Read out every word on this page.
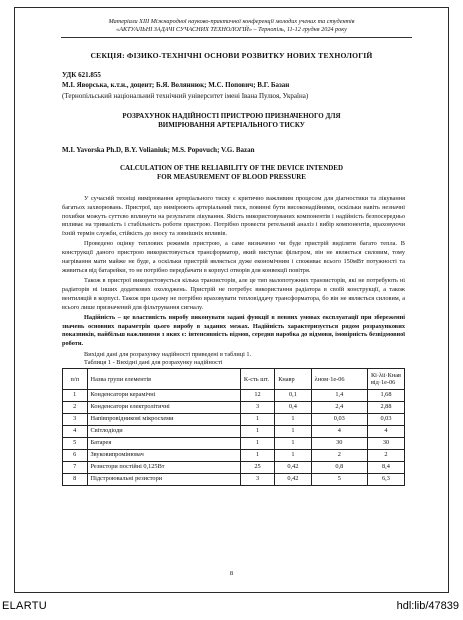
Матеріали XIII Міжнародної науково-практичної конференції молодих учених та студентів
«АКТУАЛЬНІ ЗАДАЧІ СУЧАСНИХ ТЕХНОЛОГІЙ» – Тернопіль, 11-12 грудня 2024 року
СЕКЦІЯ: ФІЗИКО-ТЕХНІЧНІ ОСНОВИ РОЗВИТКУ НОВИХ ТЕХНОЛОГІЙ
УДК 621.855
М.І. Яворська, к.т.н., доцент; Б.Я. Воляннюк; М.С. Попович; В.Г. Базан
(Тернопільський національний технічний університет імені Івана Пулюя, Україна)
РОЗРАХУНОК НАДІЙНОСТІ ПРИСТРОЮ ПРИЗНАЧЕНОГО ДЛЯ
ВИМІРЮВАННЯ АРТЕРІАЛЬНОГО ТИСКУ
M.I. Yavorska Ph.D, B.Y. Volianiuk; M.S. Popovuch; V.G. Bazan
CALCULATION OF THE RELIABILITY OF THE DEVICE INTENDED
FOR MEASUREMENT OF BLOOD PRESSURE

У сучасній техніці вимірювання артеріального тиску є критично важливим процесом для діагностики та лікування багатьох захворювань. Пристрої, що вимірюють артеріальний тиск, повинні бути високонадійними, оскільки навіть незначні похибки можуть суттєво вплинути на результати лікування. Якість використовуваних компонентів і надійність безпосередньо впливає на тривалість і стабільність роботи пристрою. Потрібно провести ретельний аналіз і вибір компонентів, враховуючи їхній термін служби, стійкість до зносу та зовнішніх впливів.

Проведено оцінку теплових режимів пристрою, а саме визначено чи буде пристрій виділяти багато тепла. В конструкції даного пристрою використовується трансформатор, який виступає фільтром, він не являється силовим, тому нагрівання мати майже не буде, а оскільки пристрій являється дуже економічним і споживає всього 150мВт потужності та живиться від батарейки, то не потрібно передбачати в корпусі отворів для конвекції повітря.

Також в пристрої використовується кілька транзисторів, але це тип малопотужних транзисторів, які не потребують ні радіаторів ні інших додаткових охолоджень. Пристрій не потребує використання радіатора в своїй конструкції, а також вентиляцій в корпусі. Також при цьому не потрібно враховувати тепловіддачу трансформатора, бо він не являється силовим, а всього лише призначений для фільтрування сигналу.

Надійність – це властивість виробу виконувати задані функції в певних умовах експлуатації при збереженні значень основних параметрів цього виробу в заданих межах. Надійність характеризується рядом розрахункових показників, найбільш важливими з яких є: інтенсивність відмов, середня наробка до відмови, імовірність безвідмовної роботи.

Вихідні дані для розрахунку надійності приведені в таблиці 1.
Таблиця 1 - Вихідні дані для розрахунку надійності
п/п	Назва групи елементів	К-сть шт.	Кнавр	λном·1е-06	Кі·λіі·Кнав від·1е-06
1	Конденсатори керамічні	12	0,1	1,4	1,68
2	Конденсатори електролітичні	3	0,4	2,4	2,88
3	Напівпровідникові мікросхеми	1	1	0,03	0,03
4	Світлодіоди	1	1	4	4
5	Батарея	1	1	30	30
6	Звуковипромінювач	1	1	2	2
7	Резистори постійні 0,125Вт	25	0,42	0,8	8,4
8	Підстроювальні резистори	3	0,42	5	6,3
8
ELARTU	hdl:lib/47839
